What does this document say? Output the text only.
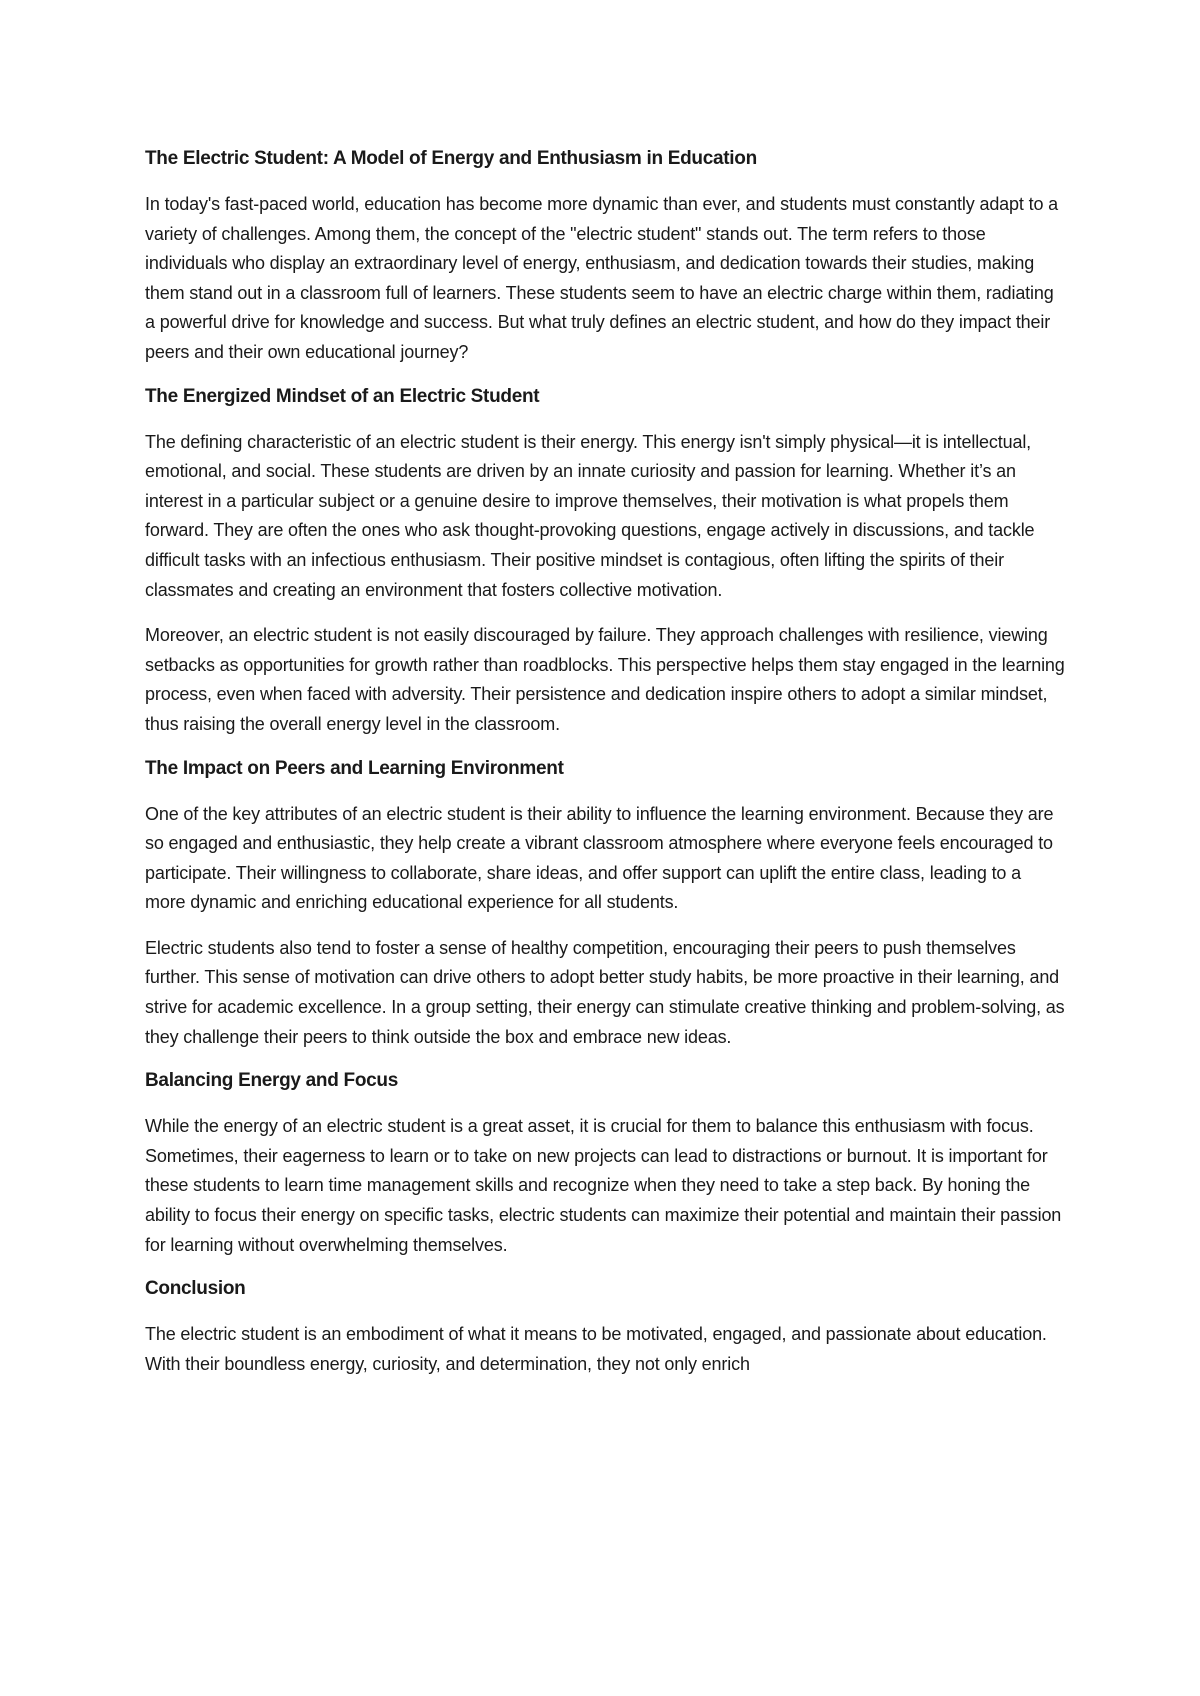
The Electric Student: A Model of Energy and Enthusiasm in Education

In today's fast-paced world, education has become more dynamic than ever, and students must constantly adapt to a variety of challenges. Among them, the concept of the "electric student" stands out. The term refers to those individuals who display an extraordinary level of energy, enthusiasm, and dedication towards their studies, making them stand out in a classroom full of learners. These students seem to have an electric charge within them, radiating a powerful drive for knowledge and success. But what truly defines an electric student, and how do they impact their peers and their own educational journey?

The Energized Mindset of an Electric Student

The defining characteristic of an electric student is their energy. This energy isn't simply physical—it is intellectual, emotional, and social. These students are driven by an innate curiosity and passion for learning. Whether it’s an interest in a particular subject or a genuine desire to improve themselves, their motivation is what propels them forward. They are often the ones who ask thought-provoking questions, engage actively in discussions, and tackle difficult tasks with an infectious enthusiasm. Their positive mindset is contagious, often lifting the spirits of their classmates and creating an environment that fosters collective motivation.

Moreover, an electric student is not easily discouraged by failure. They approach challenges with resilience, viewing setbacks as opportunities for growth rather than roadblocks. This perspective helps them stay engaged in the learning process, even when faced with adversity. Their persistence and dedication inspire others to adopt a similar mindset, thus raising the overall energy level in the classroom.

The Impact on Peers and Learning Environment

One of the key attributes of an electric student is their ability to influence the learning environment. Because they are so engaged and enthusiastic, they help create a vibrant classroom atmosphere where everyone feels encouraged to participate. Their willingness to collaborate, share ideas, and offer support can uplift the entire class, leading to a more dynamic and enriching educational experience for all students.

Electric students also tend to foster a sense of healthy competition, encouraging their peers to push themselves further. This sense of motivation can drive others to adopt better study habits, be more proactive in their learning, and strive for academic excellence. In a group setting, their energy can stimulate creative thinking and problem-solving, as they challenge their peers to think outside the box and embrace new ideas.

Balancing Energy and Focus

While the energy of an electric student is a great asset, it is crucial for them to balance this enthusiasm with focus. Sometimes, their eagerness to learn or to take on new projects can lead to distractions or burnout. It is important for these students to learn time management skills and recognize when they need to take a step back. By honing the ability to focus their energy on specific tasks, electric students can maximize their potential and maintain their passion for learning without overwhelming themselves.

Conclusion

The electric student is an embodiment of what it means to be motivated, engaged, and passionate about education. With their boundless energy, curiosity, and determination, they not only enrich
